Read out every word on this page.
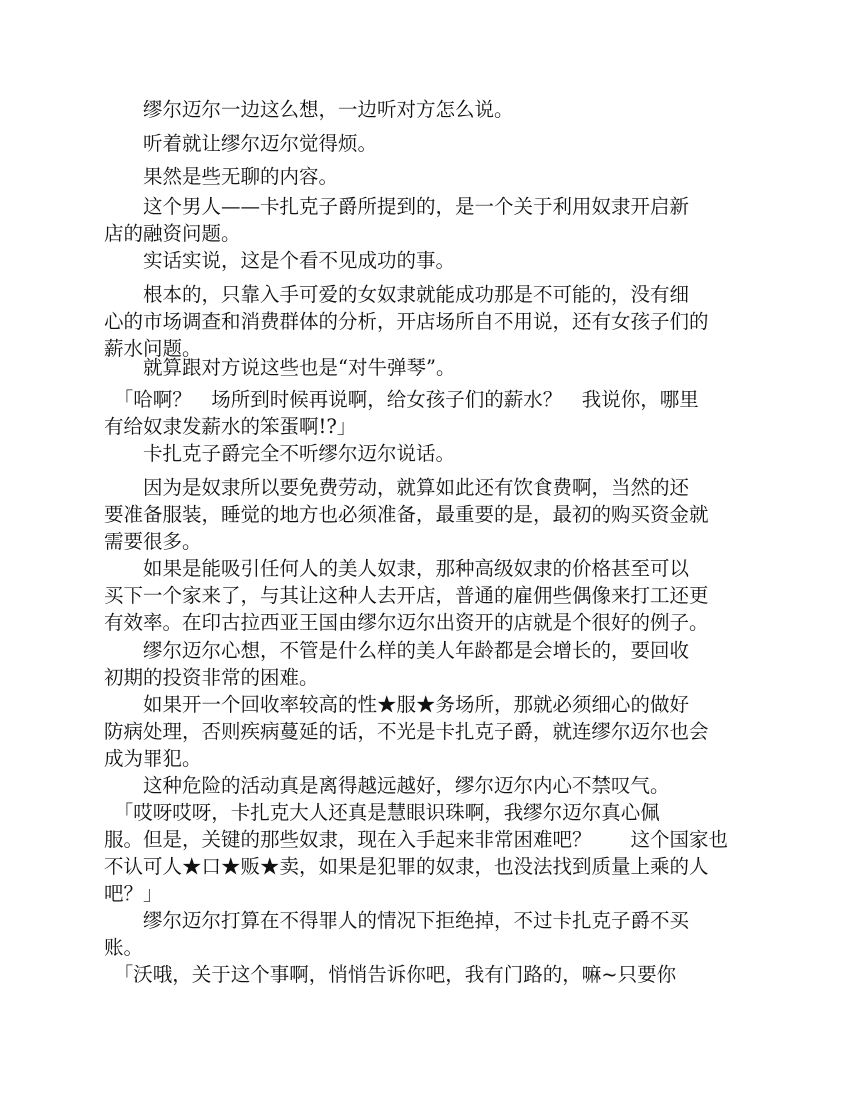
　　缪尔迈尔一边这么想，一边听对方怎么说。
　　听着就让缪尔迈尔觉得烦。
　　果然是些无聊的内容。
　　这个男人——卡扎克子爵所提到的，是一个关于利用奴隶开启新
店的融资问题。
　　实话实说，这是个看不见成功的事。
　　根本的，只靠入手可爱的女奴隶就能成功那是不可能的，没有细
心的市场调查和消费群体的分析，开店场所自不用说，还有女孩子们的
薪水问题。
　　就算跟对方说这些也是“对牛弹琴”。
　「哈啊？　场所到时候再说啊，给女孩子们的薪水？　我说你，哪里
有给奴隶发薪水的笨蛋啊!?」
　　卡扎克子爵完全不听缪尔迈尔说话。
　　因为是奴隶所以要免费劳动，就算如此还有饮食费啊，当然的还
要准备服装，睡觉的地方也必须准备，最重要的是，最初的购买资金就
需要很多。
　　如果是能吸引任何人的美人奴隶，那种高级奴隶的价格甚至可以
买下一个家来了，与其让这种人去开店，普通的雇佣些偶像来打工还更
有效率。在印古拉西亚王国由缪尔迈尔出资开的店就是个很好的例子。
　　缪尔迈尔心想，不管是什么样的美人年龄都是会增长的，要回收
初期的投资非常的困难。
　　如果开一个回收率较高的性★服★务场所，那就必须细心的做好
防病处理，否则疾病蔓延的话，不光是卡扎克子爵，就连缪尔迈尔也会
成为罪犯。
　　这种危险的活动真是离得越远越好，缪尔迈尔内心不禁叹气。
　「哎呀哎呀，卡扎克大人还真是慧眼识珠啊，我缪尔迈尔真心佩
服。但是，关键的那些奴隶，现在入手起来非常困难吧？　　这个国家也
不认可人★口★贩★卖，如果是犯罪的奴隶，也没法找到质量上乘的人
吧？」
　　缪尔迈尔打算在不得罪人的情况下拒绝掉，不过卡扎克子爵不买
账。
　「沃哦，关于这个事啊，悄悄告诉你吧，我有门路的，嘛~只要你
